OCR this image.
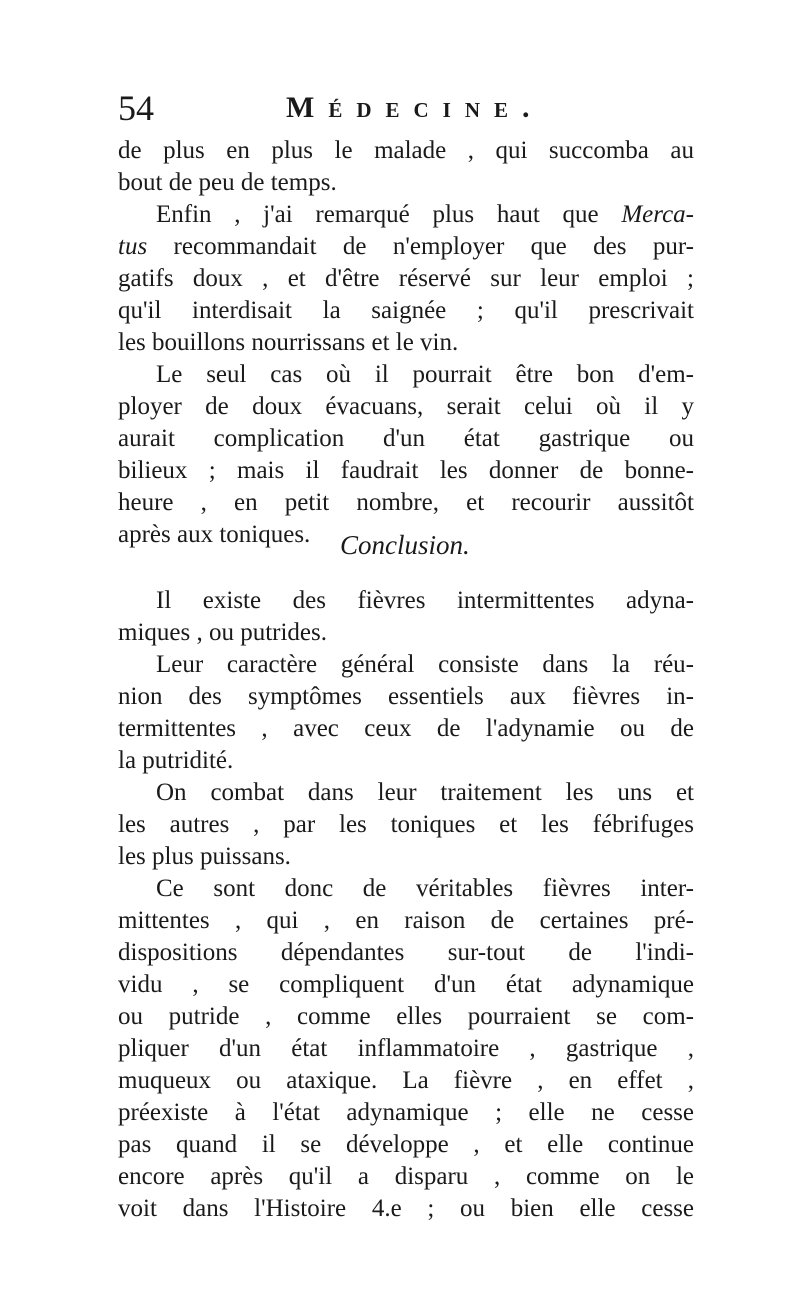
54	Médecine.
de plus en plus le malade , qui succomba au
bout de peu de temps.
Enfin , j'ai remarqué plus haut que Merca-
tus recommandait de n'employer que des pur-
gatifs doux , et d'être réservé sur leur emploi ;
qu'il interdisait la saignée ; qu'il prescrivait
les bouillons nourrissans et le vin.
Le seul cas où il pourrait être bon d'em-
ployer de doux évacuans, serait celui où il y
aurait complication d'un état gastrique ou
bilieux ; mais il faudrait les donner de bonne-
heure , en petit nombre, et recourir aussitôt
après aux toniques.	Conclusion.
Il existe des fièvres intermittentes adyna-
miques , ou putrides.
Leur caractère général consiste dans la réu-
nion des symptômes essentiels aux fièvres in-
termittentes , avec ceux de l'adynamie ou de
la putridité.
On combat dans leur traitement les uns et
les autres , par les toniques et les fébrifuges
les plus puissans.
Ce sont donc de véritables fièvres inter-
mittentes , qui , en raison de certaines pré-
dispositions dépendantes sur-tout de l'indi-
vidu , se compliquent d'un état adynamique
ou putride , comme elles pourraient se com-
pliquer d'un état inflammatoire , gastrique ,
muqueux ou ataxique. La fièvre , en effet ,
préexiste à l'état adynamique ; elle ne cesse
pas quand il se développe , et elle continue
encore après qu'il a disparu , comme on le
voit dans l'Histoire 4.e ; ou bien elle cesse
